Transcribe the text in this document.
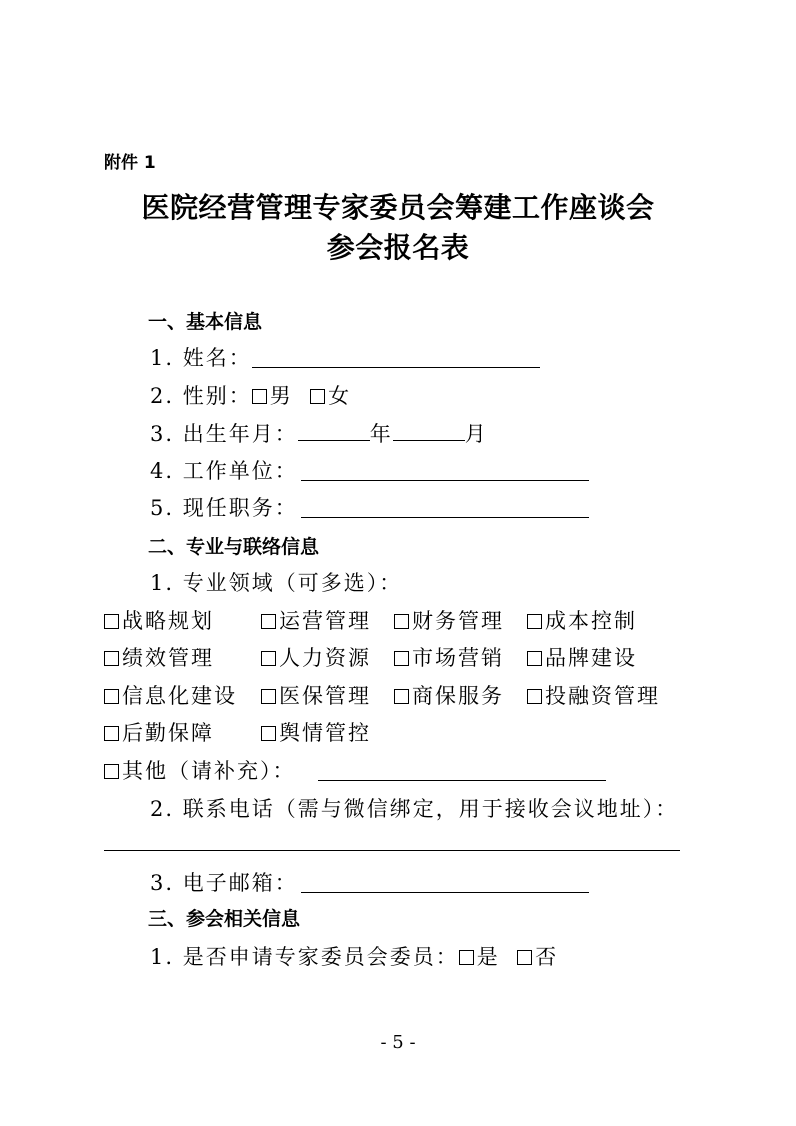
附件 1
医院经营管理专家委员会筹建工作座谈会
参会报名表
一、基本信息
1. 姓名：
2. 性别： 男 女
3. 出生年月：	年	月
4. 工作单位：
5. 现任职务：
二、专业与联络信息
1. 专业领域（可多选）：
战略规划	运营管理	财务管理	成本控制
绩效管理	人力资源	市场营销	品牌建设
信息化建设	医保管理	商保服务	投融资管理
后勤保障	舆情管控
其他（请补充）：
2. 联系电话（需与微信绑定，用于接收会议地址）：
3. 电子邮箱：
三、参会相关信息
1. 是否申请专家委员会委员： 是 否
- 5 -
